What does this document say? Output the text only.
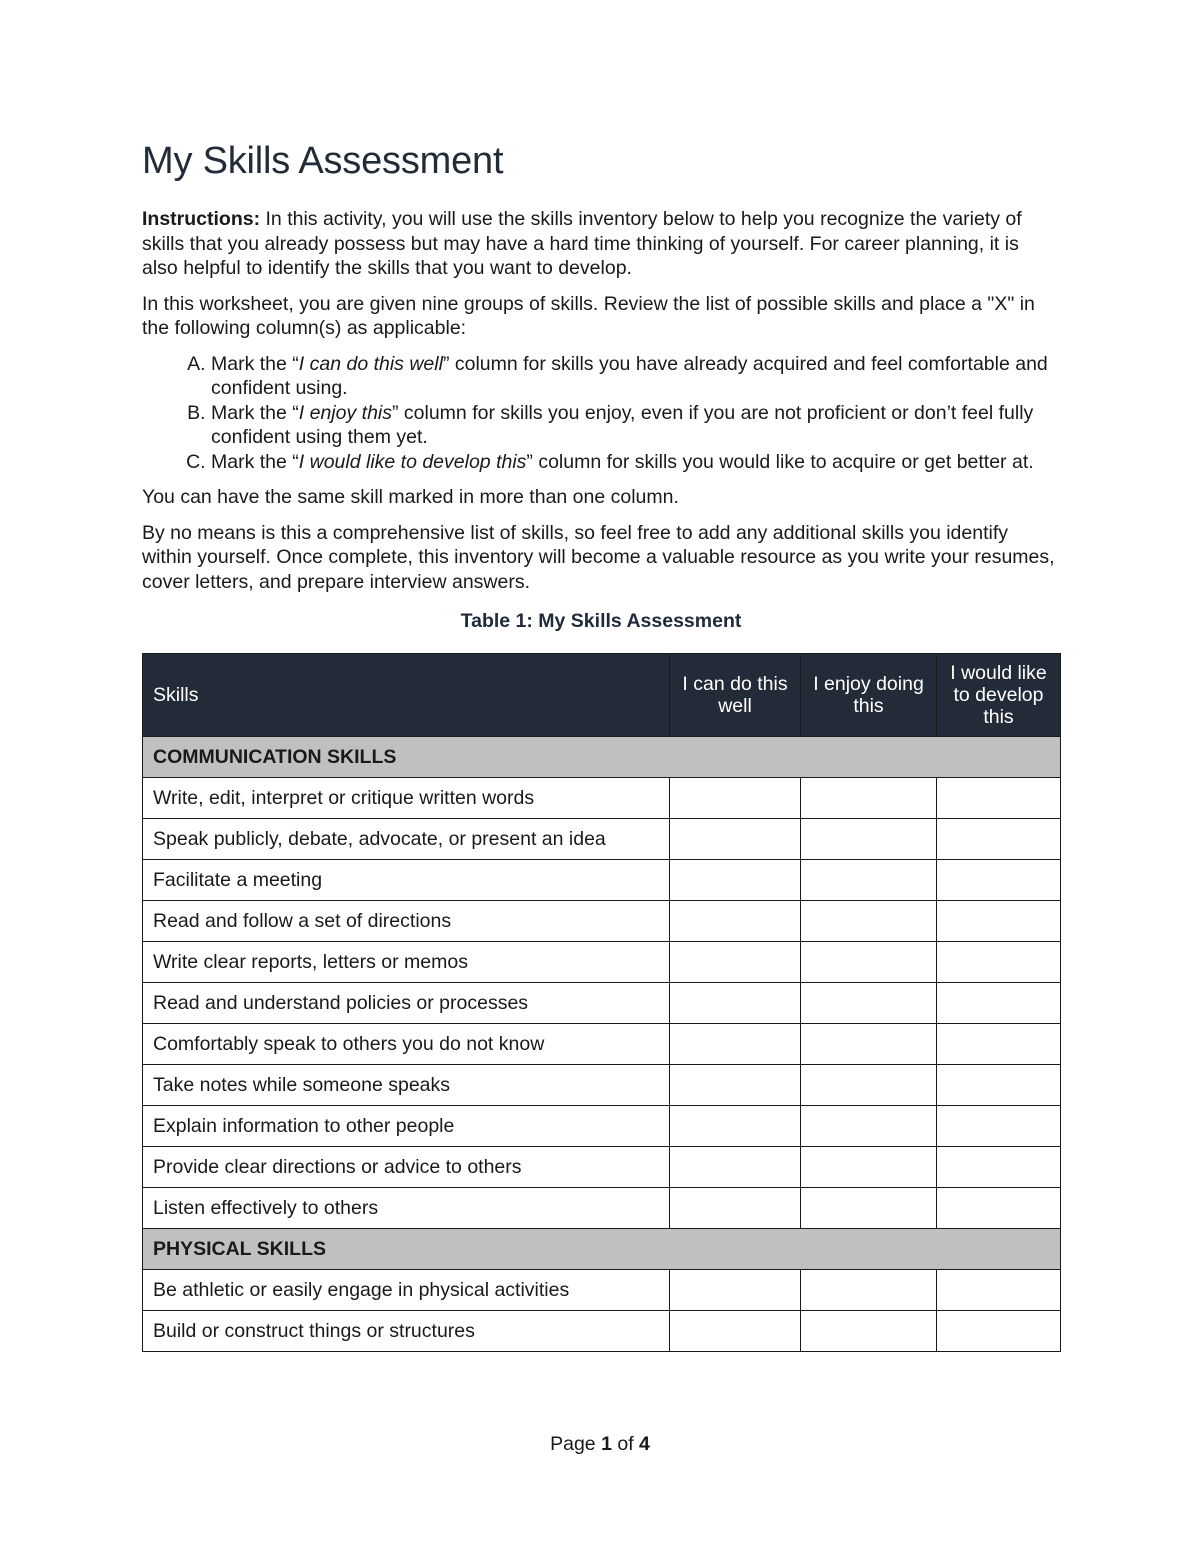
My Skills Assessment

Instructions: In this activity, you will use the skills inventory below to help you recognize the variety of skills that you already possess but may have a hard time thinking of yourself. For career planning, it is also helpful to identify the skills that you want to develop.

In this worksheet, you are given nine groups of skills. Review the list of possible skills and place a "X" in the following column(s) as applicable:

A. Mark the “I can do this well” column for skills you have already acquired and feel comfortable and confident using.
B. Mark the “I enjoy this” column for skills you enjoy, even if you are not proficient or don’t feel fully confident using them yet.
C. Mark the “I would like to develop this” column for skills you would like to acquire or get better at.

You can have the same skill marked in more than one column.

By no means is this a comprehensive list of skills, so feel free to add any additional skills you identify within yourself. Once complete, this inventory will become a valuable resource as you write your resumes, cover letters, and prepare interview answers.

Table 1: My Skills Assessment
Skills	I can do this well	I enjoy doing this	I would like to develop this
COMMUNICATION SKILLS			
Write, edit, interpret or critique written words			
Speak publicly, debate, advocate, or present an idea			
Facilitate a meeting			
Read and follow a set of directions			
Write clear reports, letters or memos			
Read and understand policies or processes			
Comfortably speak to others you do not know			
Take notes while someone speaks			
Explain information to other people			
Provide clear directions or advice to others			
Listen effectively to others			
PHYSICAL SKILLS			
Be athletic or easily engage in physical activities			
Build or construct things or structures			
Page 1 of 4
